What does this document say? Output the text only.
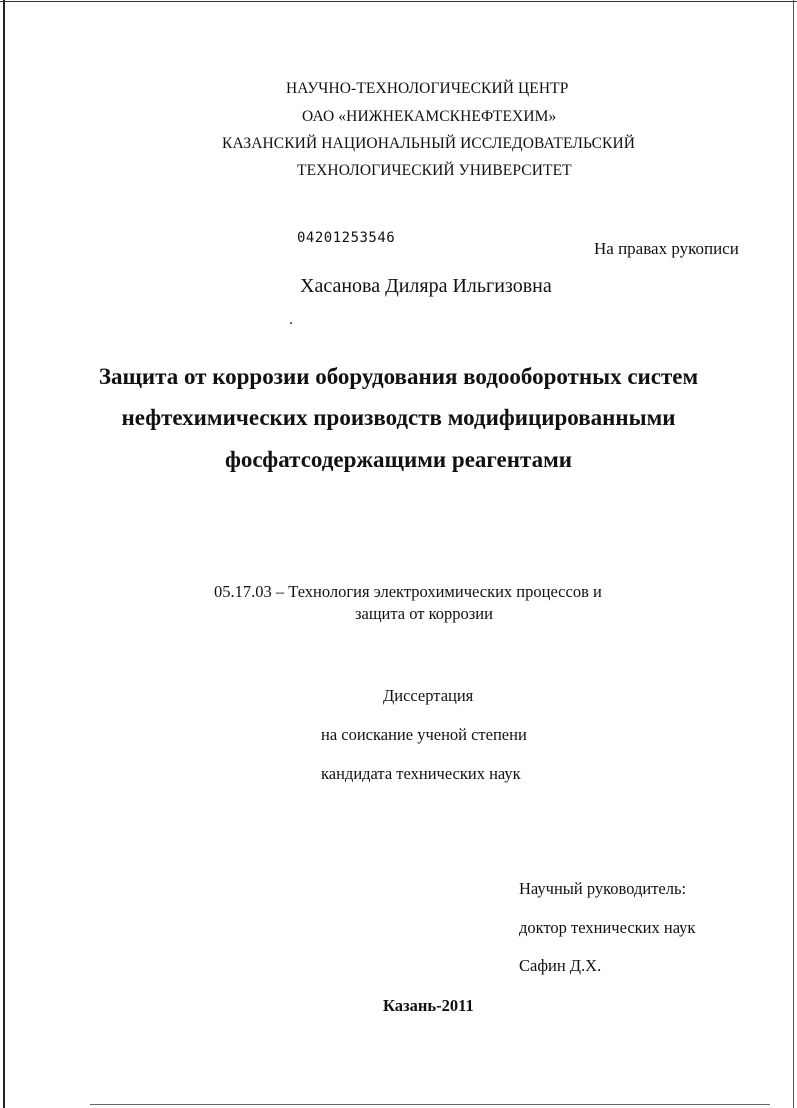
НАУЧНО-ТЕХНОЛОГИЧЕСКИЙ ЦЕНТР
ОАО «НИЖНЕКАМСКНЕФТЕХИМ»
КАЗАНСКИЙ НАЦИОНАЛЬНЫЙ ИССЛЕДОВАТЕЛЬСКИЙ
ТЕХНОЛОГИЧЕСКИЙ УНИВЕРСИТЕТ
04201253546
На правах рукописи
Хасанова Диляра Ильгизовна
Защита от коррозии оборудования водооборотных систем
нефтехимических производств модифицированными
фосфатсодержащими реагентами
05.17.03 – Технология электрохимических процессов и
защита от коррозии
Диссертация
на соискание ученой степени
кандидата технических наук
Научный руководитель:
доктор технических наук
Сафин Д.Х.
Казань-2011
